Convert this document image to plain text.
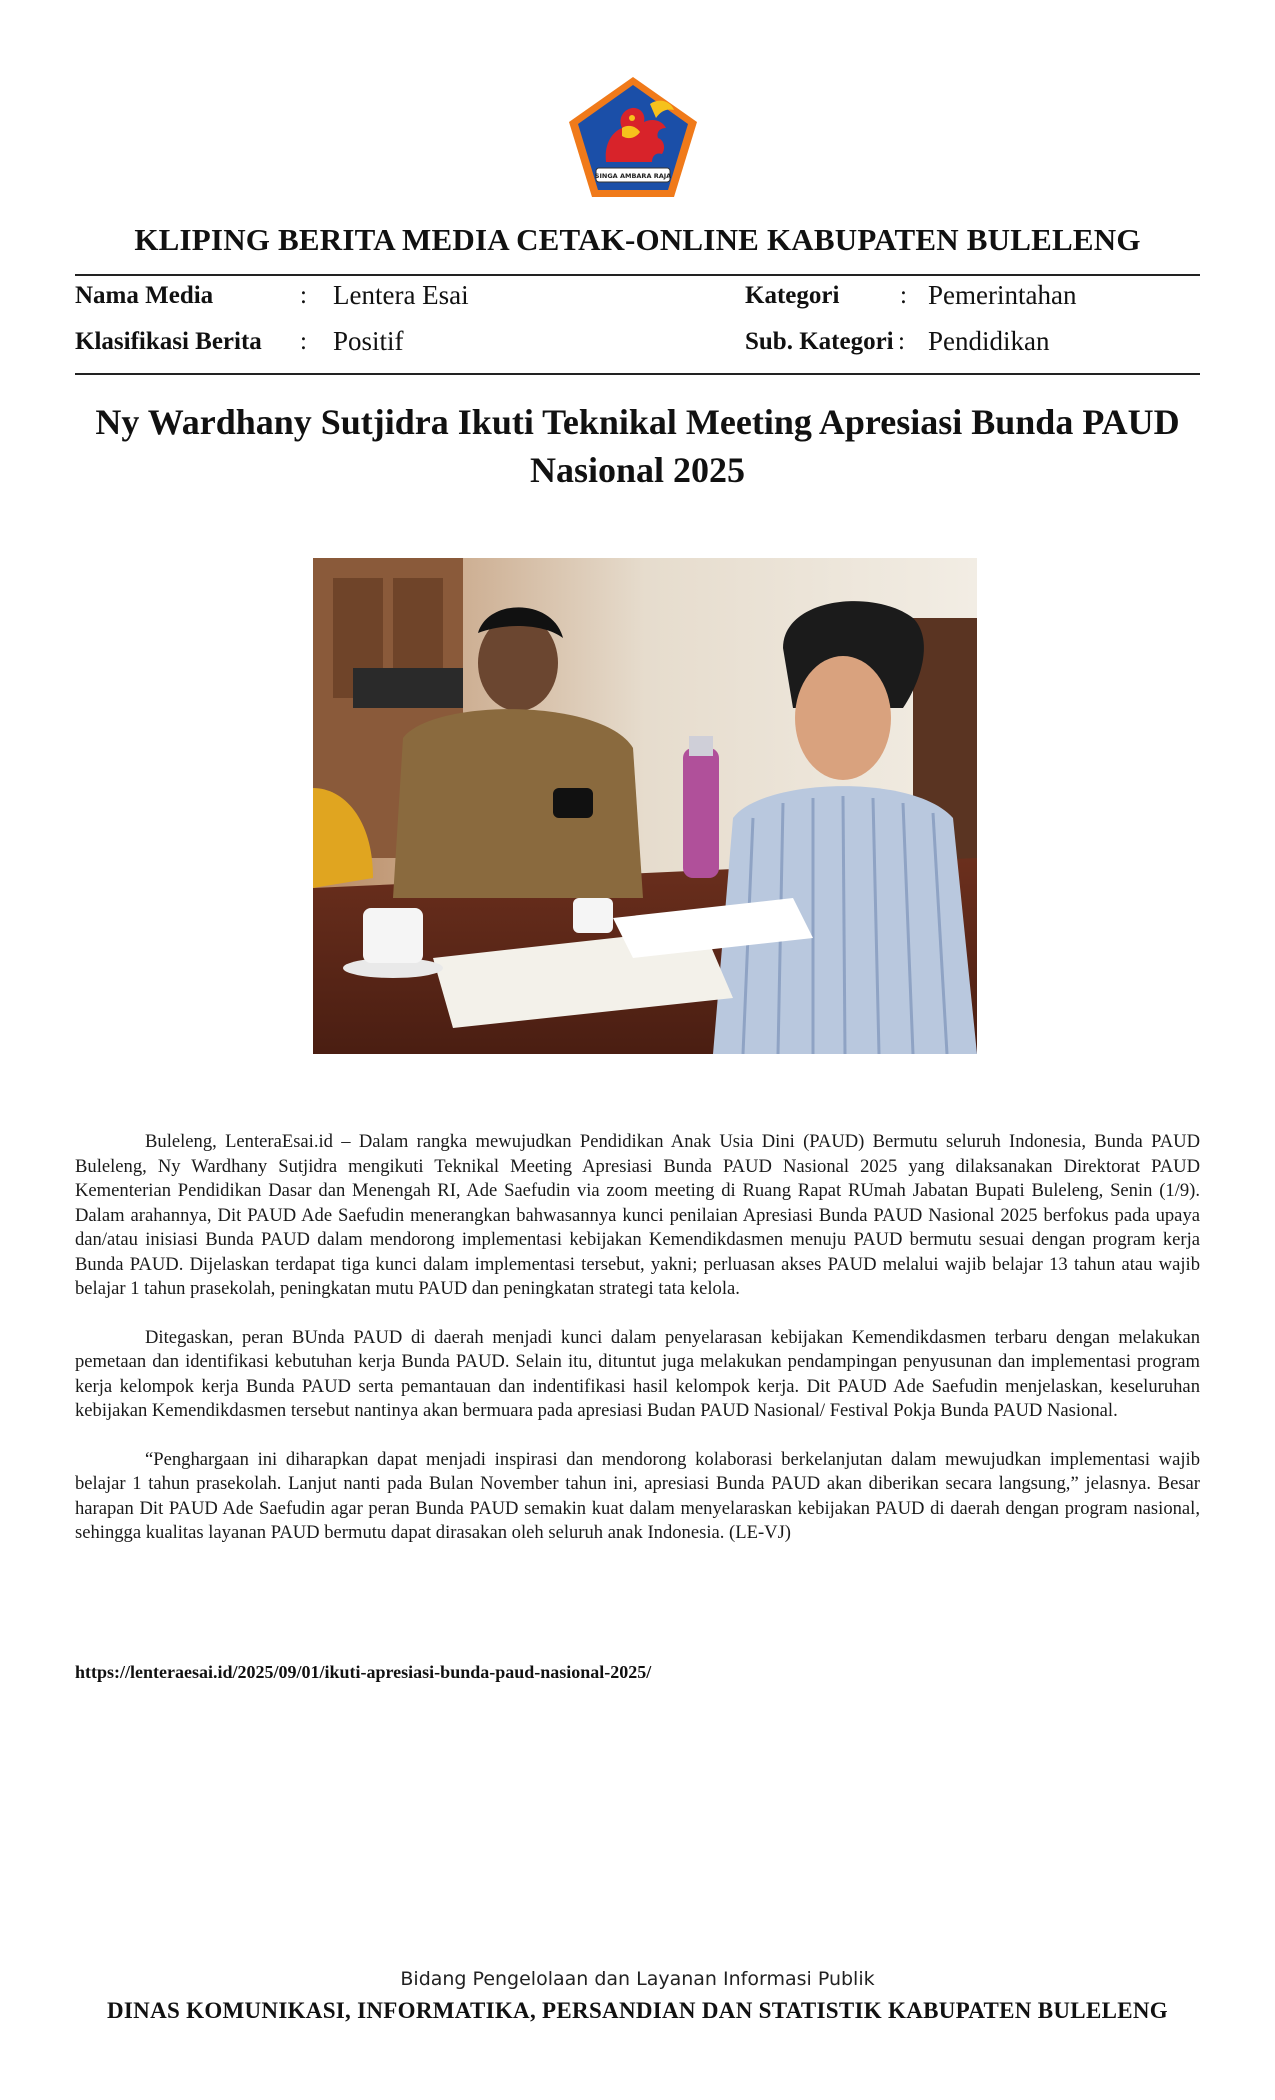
SINGA AMBARA RAJA
KLIPING BERITA MEDIA CETAK-ONLINE KABUPATEN BULELENG
Nama Media	: Lentera Esai
Klasifikasi Berita : Positif
Kategori : Pemerintahan
Sub. Kategori : Pendidikan
Ny Wardhany Sutjidra Ikuti Teknikal Meeting Apresiasi Bunda PAUD Nasional 2025

Buleleng, LenteraEsai.id – Dalam rangka mewujudkan Pendidikan Anak Usia Dini (PAUD) Bermutu seluruh Indonesia, Bunda PAUD Buleleng, Ny Wardhany Sutjidra mengikuti Teknikal Meeting Apresiasi Bunda PAUD Nasional 2025 yang dilaksanakan Direktorat PAUD Kementerian Pendidikan Dasar dan Menengah RI, Ade Saefudin via zoom meeting di Ruang Rapat RUmah Jabatan Bupati Buleleng, Senin (1/9). Dalam arahannya, Dit PAUD Ade Saefudin menerangkan bahwasannya kunci penilaian Apresiasi Bunda PAUD Nasional 2025 berfokus pada upaya dan/atau inisiasi Bunda PAUD dalam mendorong implementasi kebijakan Kemendikdasmen menuju PAUD bermutu sesuai dengan program kerja Bunda PAUD. Dijelaskan terdapat tiga kunci dalam implementasi tersebut, yakni; perluasan akses PAUD melalui wajib belajar 13 tahun atau wajib belajar 1 tahun prasekolah, peningkatan mutu PAUD dan peningkatan strategi tata kelola.

Ditegaskan, peran BUnda PAUD di daerah menjadi kunci dalam penyelarasan kebijakan Kemendikdasmen terbaru dengan melakukan pemetaan dan identifikasi kebutuhan kerja Bunda PAUD. Selain itu, dituntut juga melakukan pendampingan penyusunan dan implementasi program kerja kelompok kerja Bunda PAUD serta pemantauan dan indentifikasi hasil kelompok kerja. Dit PAUD Ade Saefudin menjelaskan, keseluruhan kebijakan Kemendikdasmen tersebut nantinya akan bermuara pada apresiasi Budan PAUD Nasional/ Festival Pokja Bunda PAUD Nasional.

“Penghargaan ini diharapkan dapat menjadi inspirasi dan mendorong kolaborasi berkelanjutan dalam mewujudkan implementasi wajib belajar 1 tahun prasekolah. Lanjut nanti pada Bulan November tahun ini, apresiasi Bunda PAUD akan diberikan secara langsung,” jelasnya. Besar harapan Dit PAUD Ade Saefudin agar peran Bunda PAUD semakin kuat dalam menyelaraskan kebijakan PAUD di daerah dengan program nasional, sehingga kualitas layanan PAUD bermutu dapat dirasakan oleh seluruh anak Indonesia. (LE-VJ)

https://lenteraesai.id/2025/09/01/ikuti-apresiasi-bunda-paud-nasional-2025/
Bidang Pengelolaan dan Layanan Informasi Publik
DINAS KOMUNIKASI, INFORMATIKA, PERSANDIAN DAN STATISTIK KABUPATEN BULELENG
